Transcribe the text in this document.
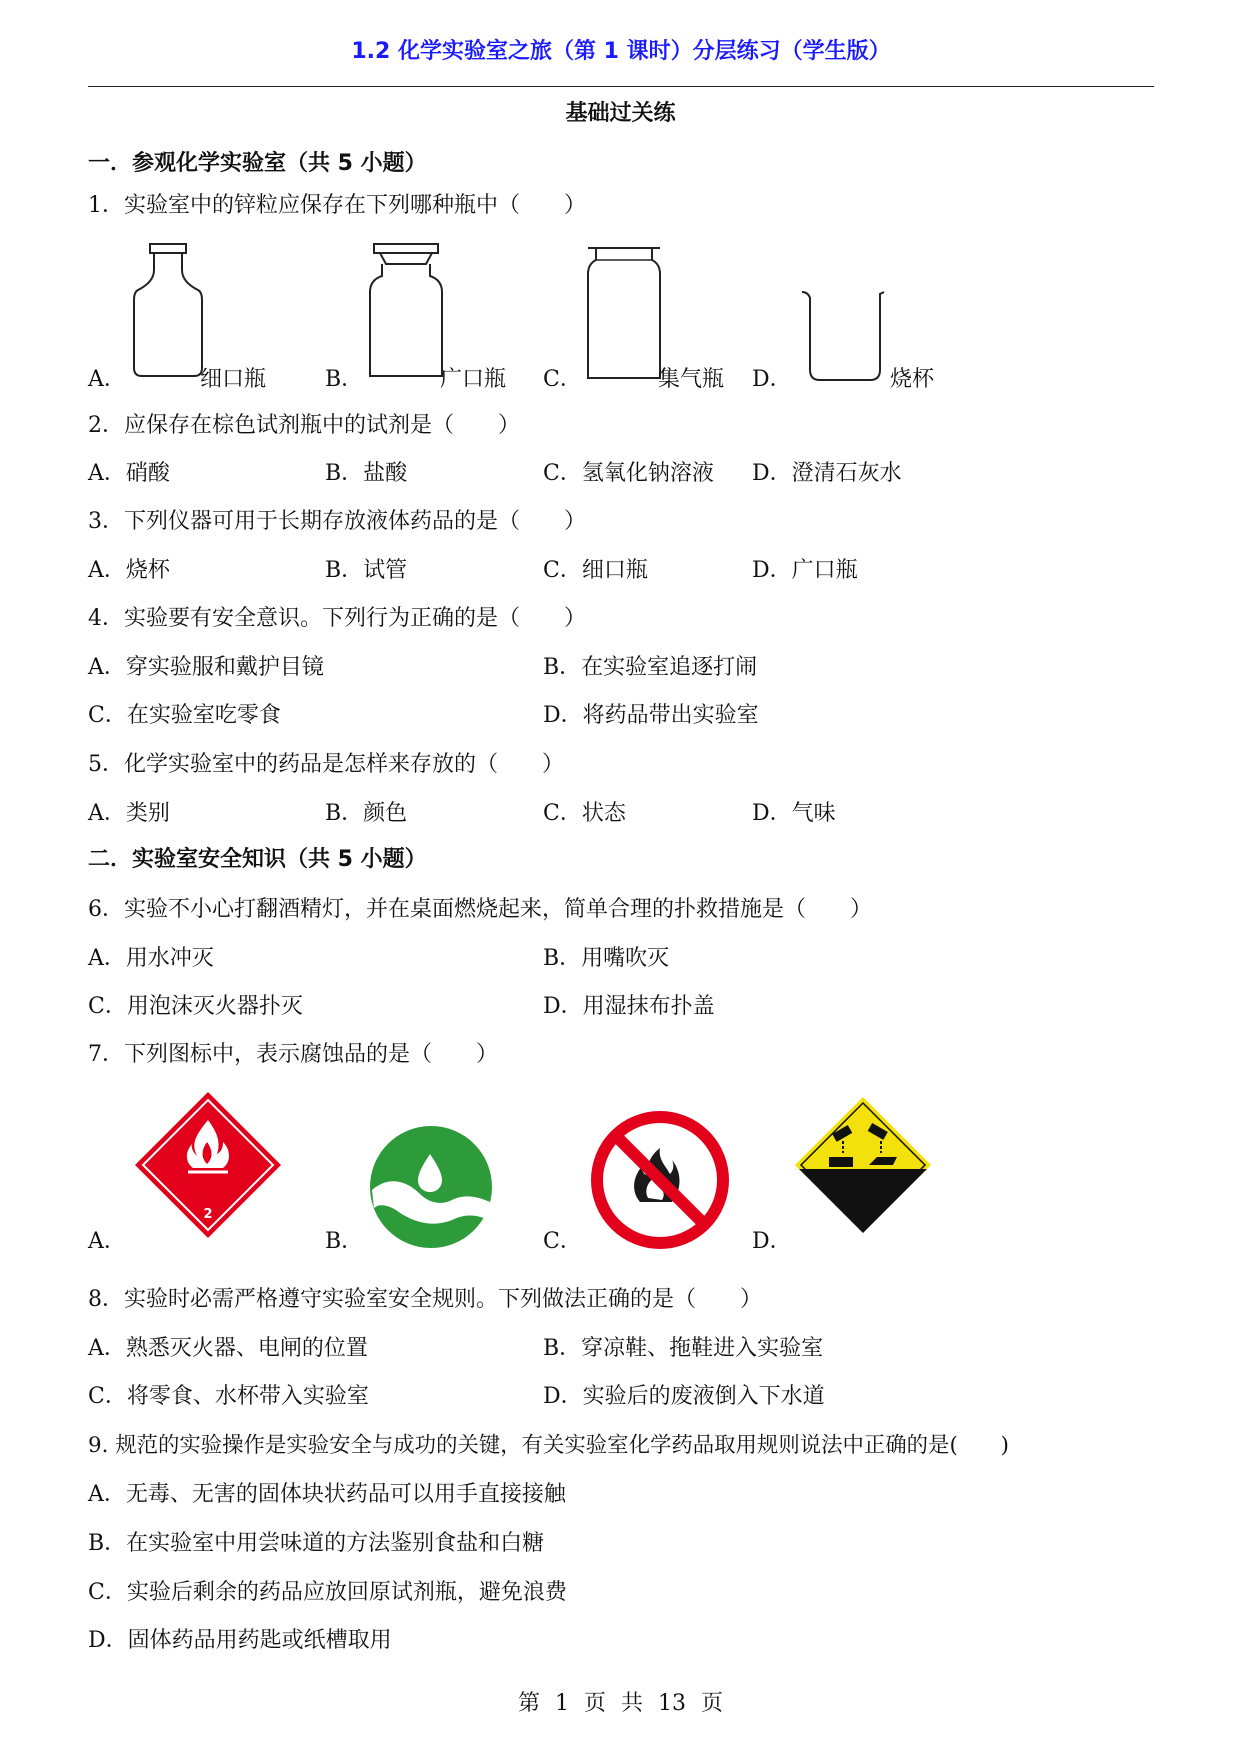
1.2 化学实验室之旅（第 1 课时）分层练习（学生版）
基础过关练
一．参观化学实验室（共 5 小题）
1．实验室中的锌粒应保存在下列哪种瓶中（　　）
A．	细口瓶	B．	广口瓶 C．	集气瓶 D．	烧杯
2．应保存在棕色试剂瓶中的试剂是（　　）
A．硝酸	B．盐酸	C．氢氧化钠溶液 D．澄清石灰水
3．下列仪器可用于长期存放液体药品的是（　　）
A．烧杯	B．试管	C．细口瓶	D．广口瓶
4．实验要有安全意识。下列行为正确的是（　　）
A．穿实验服和戴护目镜	B．在实验室追逐打闹
C．在实验室吃零食	D．将药品带出实验室
5．化学实验室中的药品是怎样来存放的（　　）
A．类别	B．颜色	C．状态	D．气味
二．实验室安全知识（共 5 小题）
6．实验不小心打翻酒精灯，并在桌面燃烧起来，简单合理的扑救措施是（　　）
A．用水冲灭	B．用嘴吹灭
C．用泡沫灭火器扑灭	D．用湿抹布扑盖
7．下列图标中，表示腐蚀品的是（　　）
A．
2
B．	C．	D．
8．实验时必需严格遵守实验室安全规则。下列做法正确的是（　　）
A．熟悉灭火器、电闸的位置	B．穿凉鞋、拖鞋进入实验室
C．将零食、水杯带入实验室	D．实验后的废液倒入下水道
9. 规范的实验操作是实验安全与成功的关键，有关实验室化学药品取用规则说法中正确的是(　　)
A．无毒、无害的固体块状药品可以用手直接接触
B．在实验室中用尝味道的方法鉴别食盐和白糖
C．实验后剩余的药品应放回原试剂瓶，避免浪费
D．固体药品用药匙或纸槽取用
第 1 页 共 13 页
